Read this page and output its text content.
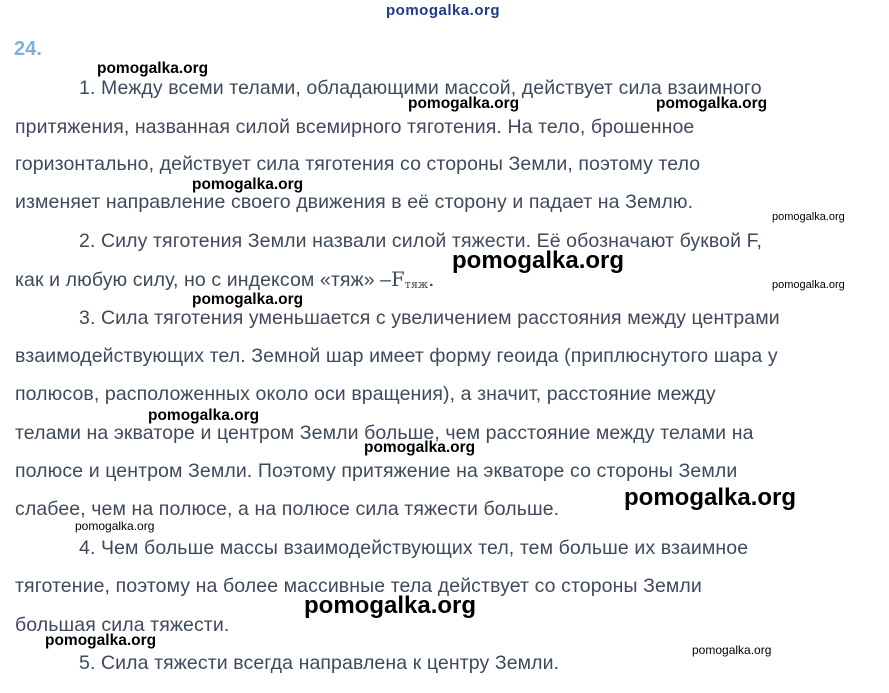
pomogalka.org
24.
1. Между всеми телами, обладающими массой, действует сила взаимного
притяжения, названная силой всемирного тяготения. На тело, брошенное
горизонтально, действует сила тяготения со стороны Земли, поэтому тело
изменяет направление своего движения в её сторону и падает на Землю.
2. Силу тяготения Земли назвали силой тяжести. Её обозначают буквой F,
как и любую силу, но с индексом «тяж» –Fтяж.
3. Сила тяготения уменьшается с увеличением расстояния между центрами
взаимодействующих тел. Земной шар имеет форму геоида (приплюснутого шара у
полюсов, расположенных около оси вращения), а значит, расстояние между
телами на экваторе и центром Земли больше, чем расстояние между телами на
полюсе и центром Земли. Поэтому притяжение на экваторе со стороны Земли
слабее, чем на полюсе, а на полюсе сила тяжести больше.
4. Чем больше массы взаимодействующих тел, тем больше их взаимное
тяготение, поэтому на более массивные тела действует со стороны Земли
большая сила тяжести.
5. Сила тяжести всегда направлена к центру Земли.
pomogalka.org
pomogalka.org	pomogalka.org
pomogalka.org
pomogalka.org
pomogalka.org
pomogalka.org
pomogalka.org
pomogalka.org
pomogalka.org
pomogalka.org
pomogalka.org
pomogalka.org
pomogalka.org
pomogalka.org
